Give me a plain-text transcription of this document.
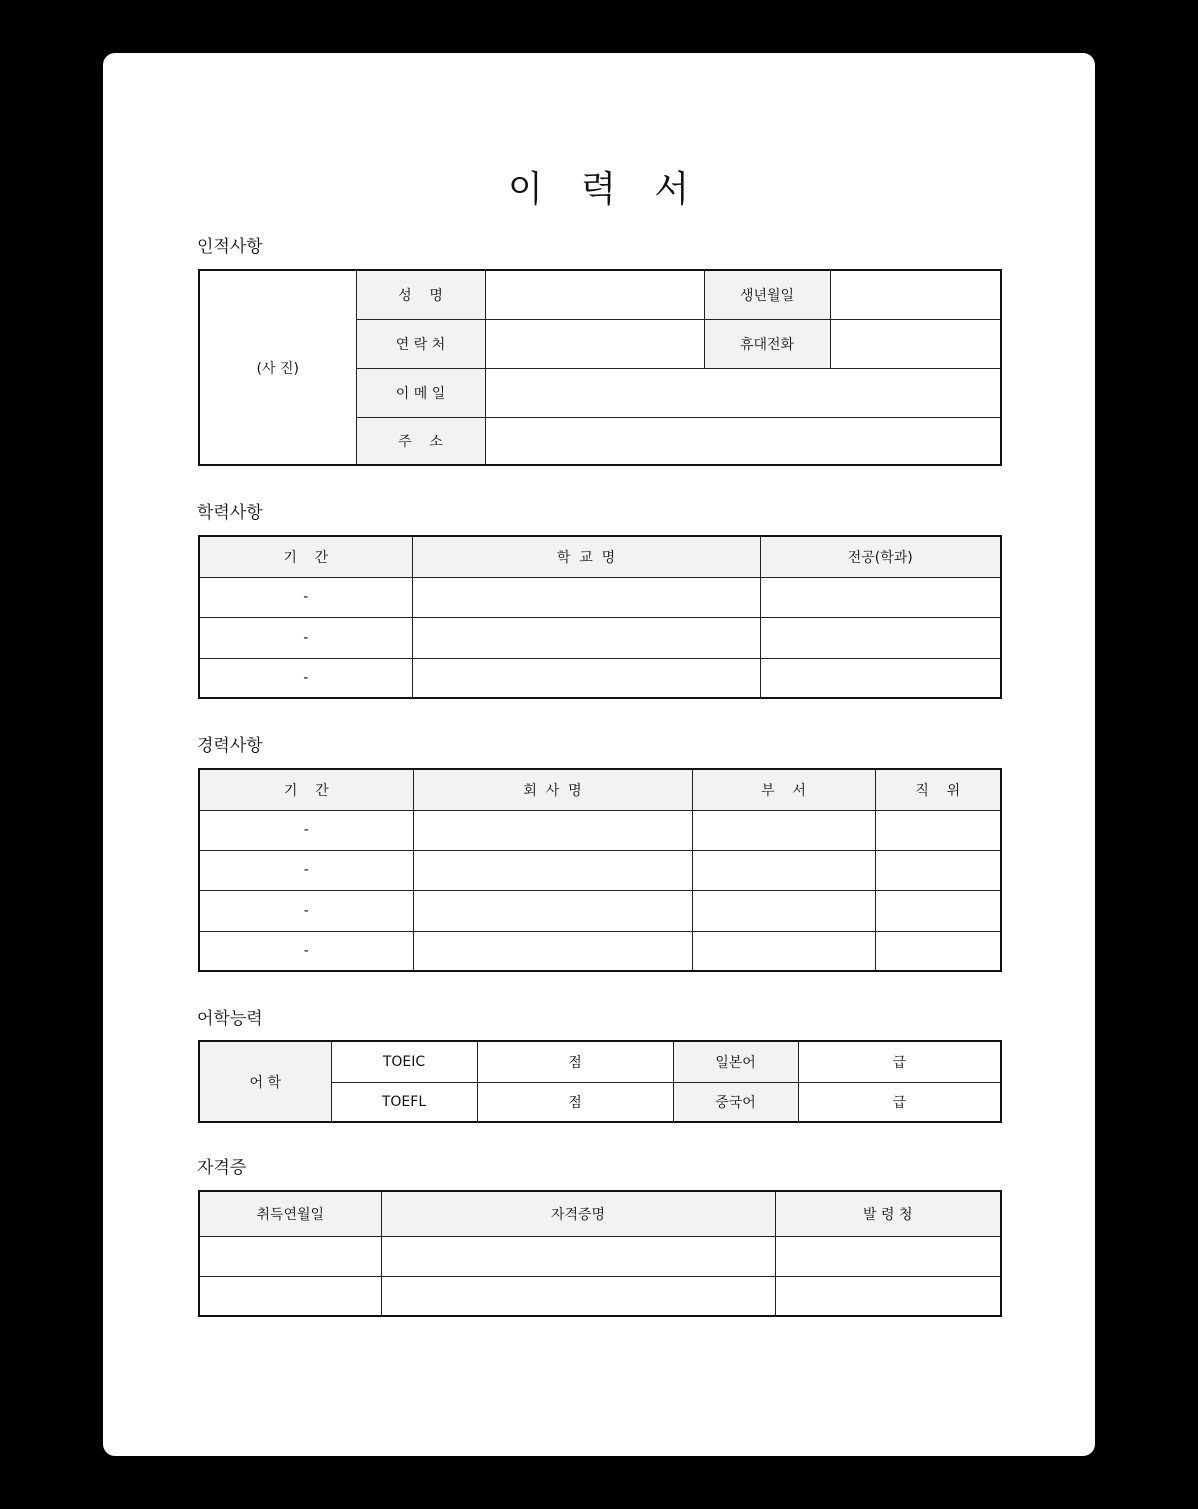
이   력   서
인적사항
(사 진)	성    명		생년월일	
	연 락 처		휴대전화	
	이 메 일			
	주    소			
학력사항
기    간	학  교  명	전공(학과)
-		
-		
-		
경력사항
기    간	회  사  명	부    서	직    위
-			
-			
-			
-			
어학능력
어 학	TOEIC	점	일본어	급
	TOEFL	점	중국어	급
자격증
취득연월일	자격증명	발 령 청
